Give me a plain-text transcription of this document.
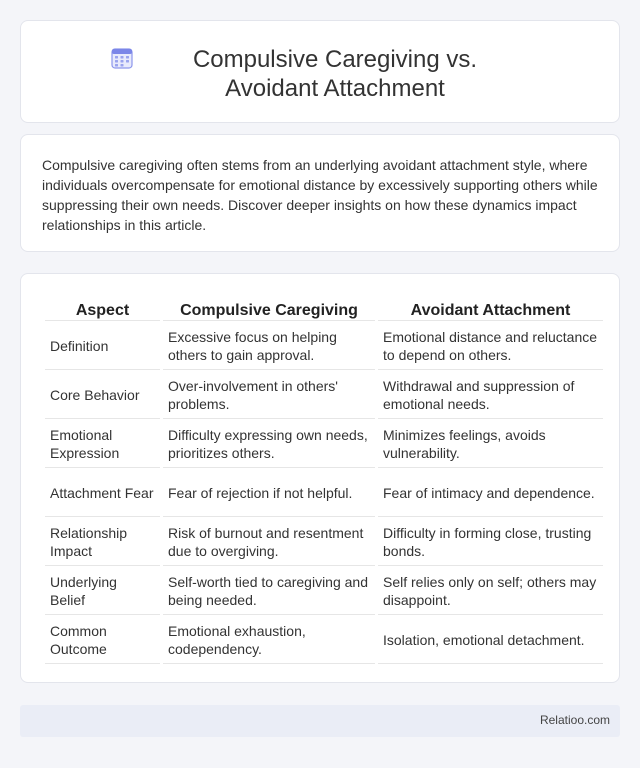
Compulsive Caregiving vs. Avoidant Attachment

Compulsive caregiving often stems from an underlying avoidant attachment style, where individuals overcompensate for emotional distance by excessively supporting others while suppressing their own needs. Discover deeper insights on how these dynamics impact relationships in this article.

Aspect	Compulsive Caregiving	Avoidant Attachment
Definition	Excessive focus on helping others to gain approval.	Emotional distance and reluctance to depend on others.
Core Behavior	Over-involvement in others' problems.	Withdrawal and suppression of emotional needs.
Emotional Expression	Difficulty expressing own needs, prioritizes others.	Minimizes feelings, avoids vulnerability.
Attachment Fear	Fear of rejection if not helpful.	Fear of intimacy and dependence.
Relationship Impact	Risk of burnout and resentment due to overgiving.	Difficulty in forming close, trusting bonds.
Underlying Belief	Self-worth tied to caregiving and being needed.	Self relies only on self; others may disappoint.
Common Outcome	Emotional exhaustion, codependency.	Isolation, emotional detachment.
Relatioo.com
